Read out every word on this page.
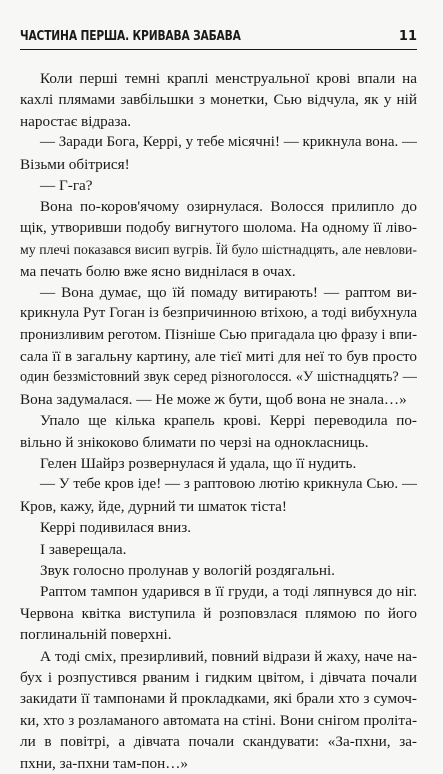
ЧАСТИНА ПЕРША. КРИВАВА ЗАБАВА	11
Коли перші темні краплі менструальної крові впали на
кахлі плямами завбільшки з монетки, Сью відчула, як у ній
наростає відраза.
— Заради Бога, Керрі, у тебе місячні! — крикнула вона. —
Візьми обітрися!
— Г-га?
Вона по-коров'ячому озирнулася. Волосся прилипло до
щік, утворивши подобу вигнутого шолома. На одному її ліво-
му плечі показався висип вугрів. Їй було шістнадцять, але невлови-
ма печать болю вже ясно виднілася в очах.
— Вона думає, що їй помаду витирають! — раптом ви-
крикнула Рут Гоган із безпричинною втіхою, а тоді вибухнула
пронизливим реготом. Пізніше Сью пригадала цю фразу і впи-
сала її в загальну картину, але тієї миті для неї то був просто
один беззмістовний звук серед різноголосся. «У шістнадцять? —
Вона задумалася. — Не може ж бути, щоб вона не знала…»
Упало ще кілька крапель крові. Керрі переводила по-
вільно й знікоково блимати по черзі на однокласниць.
Гелен Шайрз розвернулася й удала, що її нудить.
— У тебе кров іде! — з раптовою лютію крикнула Сью. —
Кров, кажу, йде, дурний ти шматок тіста!
Керрі подивилася вниз.
І заверещала.
Звук голосно пролунав у вологій роздягальні.
Раптом тампон ударився в її груди, а тоді ляпнувся до ніг.
Червона квітка виступила й розповзлася плямою по його
поглинальній поверхні.
А тоді сміх, презирливий, повний відрази й жаху, наче на-
бух і розпустився рваним і гидким цвітом, і дівчата почали
закидати її тампонами й прокладками, які брали хто з сумоч-
ки, хто з розламаного автомата на стіні. Вони снігом проліта-
ли в повітрі, а дівчата почали скандувати: «За-пхни, за-
пхни, за-пхни там-пон…»
